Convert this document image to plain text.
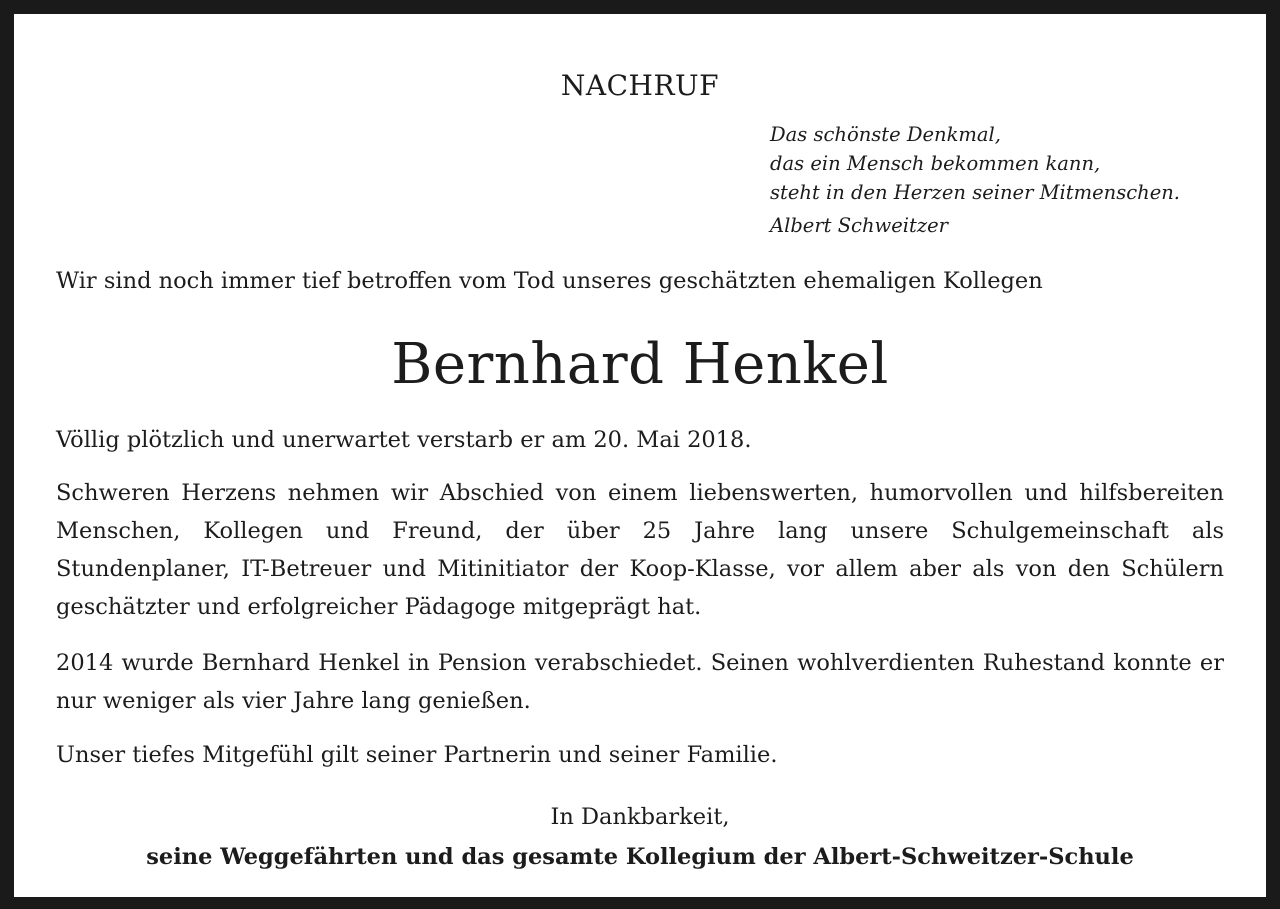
NACHRUF
Das schönste Denkmal,
das ein Mensch bekommen kann,
steht in den Herzen seiner Mitmenschen.
Albert Schweitzer

Wir sind noch immer tief betroffen vom Tod unseres geschätzten ehemaligen Kollegen

Bernhard Henkel

Völlig plötzlich und unerwartet verstarb er am 20. Mai 2018.

Schweren Herzens nehmen wir Abschied von einem liebenswerten, humorvollen und hilfsbereiten Menschen, Kollegen und Freund, der über 25 Jahre lang unsere Schulgemeinschaft als Stundenplaner, IT-Betreuer und Mitinitiator der Koop-Klasse, vor allem aber als von den Schülern geschätzter und erfolgreicher Pädagoge mitgeprägt hat.

2014 wurde Bernhard Henkel in Pension verabschiedet. Seinen wohlverdienten Ruhestand konnte er nur weniger als vier Jahre lang genießen.

Unser tiefes Mitgefühl gilt seiner Partnerin und seiner Familie.

In Dankbarkeit,
seine Weggefährten und das gesamte Kollegium der Albert-Schweitzer-Schule
